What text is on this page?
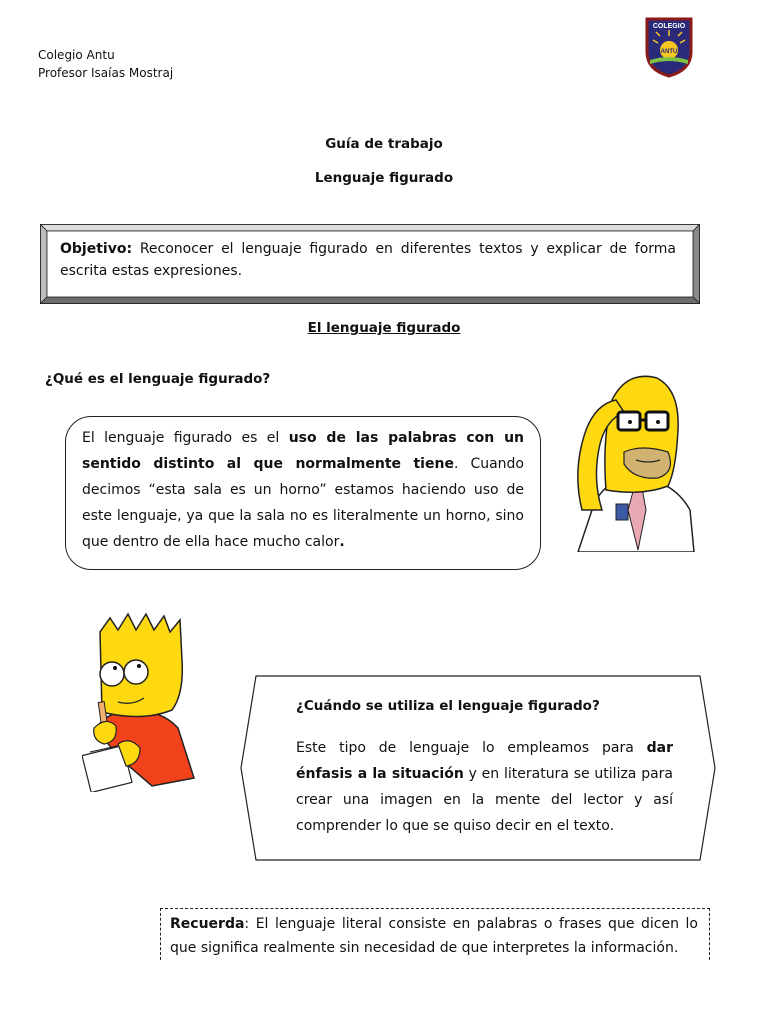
Colegio Antu
Profesor Isaías Mostraj
COLEGIO
ANTU
Guía de trabajo
Lenguaje figurado
Objetivo: Reconocer el lenguaje figurado en diferentes textos y explicar de forma escrita estas expresiones.
El lenguaje figurado
¿Qué es el lenguaje figurado?
El lenguaje figurado es el uso de las palabras con un sentido distinto al que normalmente tiene. Cuando decimos “esta sala es un horno” estamos haciendo uso de este lenguaje, ya que la sala no es literalmente un horno, sino que dentro de ella hace mucho calor.
¿Cuándo se utiliza el lenguaje figurado?
Este tipo de lenguaje lo empleamos para dar énfasis a la situación y en literatura se utiliza para crear una imagen en la mente del lector y así comprender lo que se quiso decir en el texto.
Recuerda: El lenguaje literal consiste en palabras o frases que dicen lo que significa realmente sin necesidad de que interpretes la información.
